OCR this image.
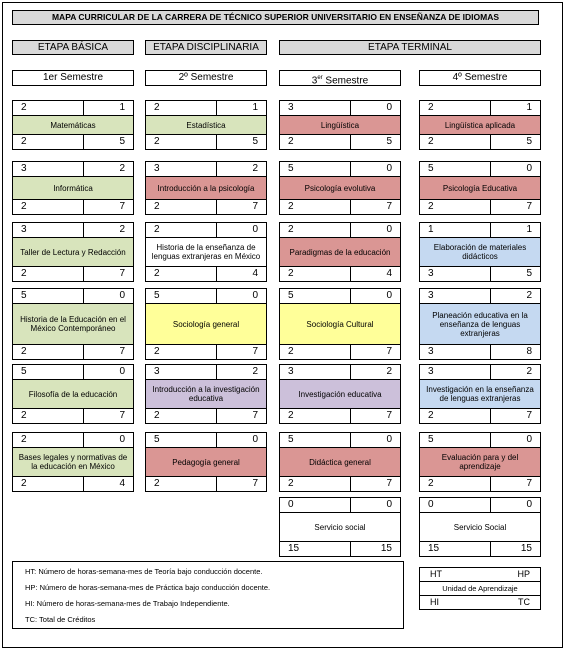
MAPA CURRICULAR DE LA CARRERA DE TÉCNICO SUPERIOR UNIVERSITARIO EN ENSEÑANZA DE IDIOMAS
ETAPA BÁSICA	ETAPA DISCIPLINARIA	ETAPA TERMINAL
1er Semestre	2º Semestre	3er Semestre	4º Semestre
2	1
Matemáticas
2	5
3	2
Informática
2	7
3	2
Taller de Lectura y Redacción
2	7
5	0
Historia de la Educación en el México Contemporáneo
2	7
5	0
Filosofía de la educación
2	7
2	0
Bases legales y normativas de la educación en México
2	4
2	1
Estadística
2	5
3	2
Introducción a la psicología
2	7
2	0
Historia de la enseñanza de lenguas extranjeras en México
2	4
5	0
Sociología general
2	7
3	2
Introducción a la investigación educativa
2	7
5	0
Pedagogía general
2	7
3	0
Lingüística
2	5
5	0
Psicología evolutiva
2	7
2	0
Paradigmas de la educación
2	4
5	0
Sociología Cultural
2	7
3	2
Investigación educativa
2	7
5	0
Didáctica general
2	7
0	0
Servicio social
15	15
2	1
Lingüística aplicada
2	5
5	0
Psicología Educativa
2	7
1	1
Elaboración de materiales didácticos
3	5
3	2
Planeación educativa en la enseñanza de lenguas extranjeras
3	8
3	2
Investigación en la enseñanza de lenguas extranjeras
2	7
5	0
Evaluación para y del aprendizaje
2	7
0	0
Servicio Social
15	15
HT: Número de horas-semana-mes de Teoría bajo conducción docente.
HP: Número de horas-semana-mes de Práctica bajo conducción docente.
HI: Número de horas-semana-mes de Trabajo Independiente.
TC: Total de Créditos
HT	HP
Unidad de Aprendizaje
HI	TC
